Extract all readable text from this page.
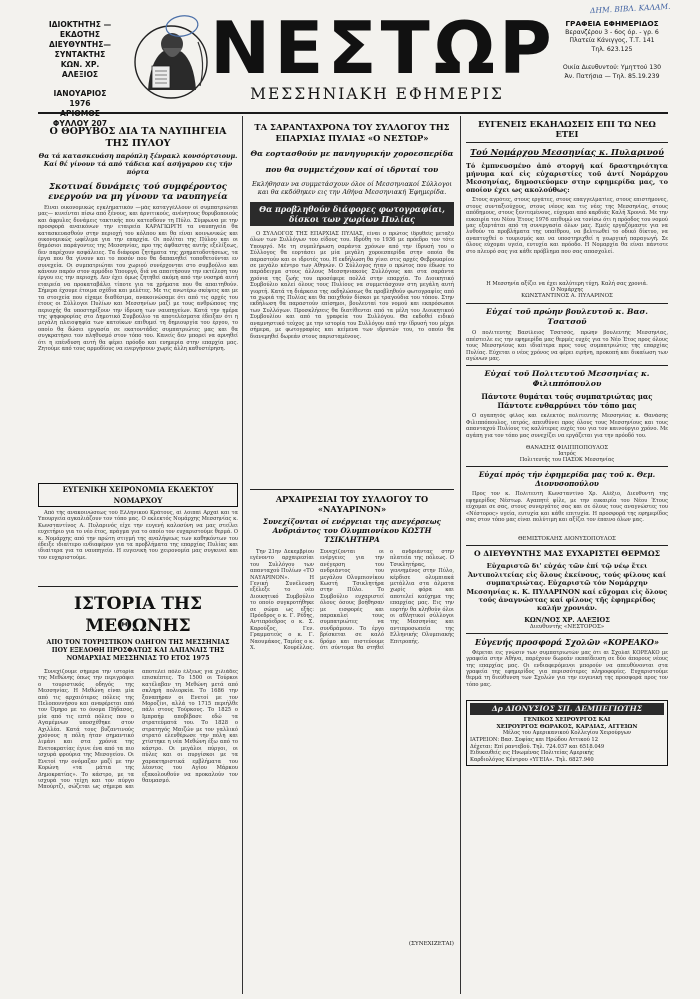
ΙΔΙΟΚΤΗΤΗΣ — ΕΚΔΟΤΗΣ
ΔΙΕΥΘΥΝΤΗΣ—ΣΥΝΤΑΚΤΗΣ
ΚΩΝ. ΧΡ. ΑΛΕΞΙΟΣ
ΙΑΝΟΥΑΡΙΟΣ 1976
ΦΥΛΛΟΥ 207
ΝΕΣΤΩΡ
ΜΕΣΣΗΝΙΑΚΗ ΕΦΗΜΕΡΙΣ
ΔΗΜ. ΒΙΒΛ. ΚΑΛΑΜ.
ΓΡΑΦΕΙΑ ΕΦΗΜΕΡΙΔΟΣ
Βερανζέρου 3 - 6ος όρ. - γρ. 6
Πλατεία Κάνιγγος, Τ.Τ. 141
Τηλ. 623.125
Οικία Διευθυντού: Υμηττού 130
Άν. Πατήσια — Τηλ. 85.19.239
Ο ΘΟΡΥΒΟΣ ΔΙΑ ΤΑ ΝΑΥΠΗΓΕΙΑ ΤΗΣ ΠΥΛΟΥ
Θα τά κατασκευάση παρόπλη ξένρακλ κονσόρτσιουμ.
Καί θέ γίνουν τά από τάδεια καί ασήγαρου εις τήν πόρτα
Σκοτιναί δυνάμεις τού συμφέροντος
ενεργούν να μη γίνουν τα ναυπηγεία

Είναι οικονομικώς εγκληματικόν —μάς καταγγέλλουν οί συμπατριώται μας— κινείνται πίσω από ξένους, και άρνιτικούς, ανένητους θορυβοποιούς και άφρυλες δυνάμεις τακτικής που κατεσδουν τη Πύλο. Σύμφωνα με την προσφορά αναικόνων την εταιρεία ΚΑΡΑΓΙΩΡΓΗ τα ναυπηγεία θα κατασκευασθούν στην περιοχή του κόλπου και θα είναι κοινωνικώς και οικονομικώς ωφέλιμα για την επαρχία. Οι πολίται της Πύλου και οι δημόσιοι παράγοντες της Μεσσηνίας, προ της άφθαστης αυτής εξελίξεως, δεν παρέχουν ασφάλειες. Τα διάφορα ζητήματα της χρηματοδοτήσεως, τα έργα που θα γίνουν και το ποσόν που θα δαπανηθεί τοποθετούνται εν συνεχεία. Οι συμπατριώται του χωριού συνέρχονται στο συμβούλιο και κάνουν παρόν στον αρμόδιο Υπουργό, διά να απαιτήσουν την εκτέλεση του έργου εις την περιοχή. Δεν έχει όμως ζητηθεί ακόμη από την νοσηρά αυτή εταιρεία να προκαταβάλει τίποτε για τα χρήματα που θα απαιτηθούν. Σήμερα έχουμε έτοιμα σχέδια και μελέτες. Με τις ανωτέρω σκέψεις και με τα στοιχεία που είχαμε διαθέσιμα, ανακοινώσαμε ότι από τις αρχές του έτους οι Σύλλογοι Πυλίων και Μεσσηνίων μαζί με τους ανθρώπους της περιοχής θα υποστηρίξουν την ίδρυση των ναυπηγείων. Κατά την ημέρα της ψηφοφορίας στο Δημοτικό Συμβούλιο τα αποτελέσματα έδειξαν ότι η μεγάλη πλειοψηφία των κατοίκων επιθυμεί τη δημιουργία του έργου, το οποίο θα δώσει εργασία σε εκατοντάδες συμπατριώτες μας και θα συγκρατήσει τον πληθυσμό στον τόπο του. Κανείς δεν μπορεί να αρνηθεί ότι η επένδυση αυτή θα φέρει πρόοδο και ευημερία στην επαρχία μας. Ζητούμε από τους αρμοδίους να ενεργήσουν χωρίς άλλη καθυστέρηση.

ΕΥΓΕΝΙΚΗ ΧΕΙΡΟΝΟΜΙΑ ΕΚΛΕΚΤΟΥ ΝΟΜΑΡΧΟΥ

Από τής ανακοινώσεως τού Ελληνικού Κράτους, αί λοιπαί Αρχαί και τα Υπουργεία αγκαλιάζουν τον τόπο μας. Ο εκλεκτός Νομάρχης Μεσσηνίας κ. Κωνσταντίνος Α. Πυλαρινός είχε την ευγενή καλοσύνη να μας στείλει ευχετήριο για το νέο έτος, πράγμα για το οποίο τον ευχαριστούμε θερμά. Ο κ. Νομάρχης από την πρώτη στιγμή της αναλήψεως των καθηκόντων του έδειξε ιδιαίτερο ενδιαφέρον για τα προβλήματα της επαρχίας Πυλίας και ιδιαίτερα για τα ναυπηγεία. Η ευγενική του χειρονομία μας συγκινεί και τον ευχαριστούμε.

ΙΣΤΟΡΙΑ ΤΗΣ ΜΕΘΩΝΗΣ
ΑΠΟ ΤΟΝ ΤΟΥΡΙΣΤΙΚΟΝ ΟΔΗΓΟΝ ΤΗΣ ΜΕΣΣΗΝΙΑΣ ΠΟΥ ΕΞΕΔΟΘΗ ΠΡΟΣΦΑΤΩΣ ΚΑΙ ΔΑΠΑΝΑΙΣ ΤΗΣ ΝΟΜΑΡΧΙΑΣ ΜΕΣΣΗΝΙΑΣ ΤΟ ΕΤΟΣ 1975

Συνεχίζουμε σήμερα την ιστορία της Μεθώνης όπως την περιγράφει ο τουριστικός οδηγός της Μεσσηνίας. Η Μεθώνη είναι μία από τις αρχαιότερες πόλεις της Πελοποννήσου και αναφέρεται από τον Όμηρο με το όνομα Πήδασος, μία από τις επτά πόλεις που ο Αγαμέμνων υποσχέθηκε στον Αχιλλέα. Κατά τους βυζαντινούς χρόνους η πόλη ήταν σημαντικό λιμάνι και στα χρόνια της Ενετοκρατίας έγινε ένα από τα πιο ισχυρά φρούρια της Μεσογείου. Οι Ενετοί την ονόμαζαν μαζί με την Κορώνη «τα μάτια της Δημοκρατίας». Το κάστρο, με τα ισχυρά του τείχη και τον πύργο Μπούρτζι, σώζεται ως σήμερα και αποτελεί πόλο έλξεως για χιλιάδες επισκέπτες. Το 1500 οι Τούρκοι κατέλαβαν τη Μεθώνη μετά από σκληρή πολιορκία. Το 1686 την ξαναπήραν οι Ενετοί με τον Μοροζίνι, αλλά το 1715 περιήλθε πάλι στους Τούρκους. Το 1825 ο Ιμπραήμ αποβίβασε εδώ τα στρατεύματά του. Το 1828 ο στρατηγός Μαιζών με τον γαλλικό στρατό ελευθέρωσε την πόλη και χτίστηκε η νέα Μεθώνη έξω από το κάστρο. Οι μεγάλοι πύργοι, οι πύλες και οι πυργίσκοι με τα χαρακτηριστικά εμβλήματα του λέοντος του Αγίου Μάρκου εξακολουθούν να προκαλούν τον θαυμασμό.

ΤΑ ΣΑΡΑΝΤΑΧΡΟΝΑ ΤΟΥ ΣΥΛΛΟΓΟΥ ΤΗΣ ΕΠΑΡΧΙΑΣ ΠΥΛΙΑΣ «Ο ΝΕΣΤΩΡ»
Θα εορτασθούν με πανηγυρικήν χοροεσπερίδα
που θα συμμετέχουν καί οί ιδρυταί του
Εκλήθησαν να συμμετάσχουν όλοι οί Μεσσηνιακοί Σύλλογοι και θα εκδόθηκεν εις την Αθήνα Μεσσηνιακή Έφημερίδα.
Θα προβληθούν διάφορες φωτογραφίαι, δίσκοι των χωρίων Πυλίας

Ο ΣΥΛΛΟΓΟΣ ΤΗΣ ΕΠΑΡΧΙΑΣ ΠΥΛΙΑΣ, είναι ο πρώτος ίδρυθείς μεταξύ όλων των Συλλόγων του είδους του. Ιδρύθη το 1936 με πρόεδρο τον τότε Υπουργό. Με τη συμπλήρωση σαράντα χρόνων από την ίδρυσή του ο Σύλλογος θα εορτάσει με μία μεγάλη χοροεσπερίδα στην οποία θα παραστούν και οι ιδρυτές του. Η εκδήλωση θα γίνει στις αρχές Φεβρουαρίου σε μεγάλο κέντρο των Αθηνών. Ο Σύλλογος ήταν ο πρώτος που έδωσε το παράδειγμα στους άλλους Μεσσηνιακούς Συλλόγους και στα σαράντα χρόνια της ζωής του προσέφερε πολλά στην επαρχία. Το Διοικητικό Συμβούλιο καλεί όλους τους Πυλίους να συμμετάσχουν στη μεγάλη αυτή γιορτή. Κατά τη διάρκεια της εκδηλώσεως θα προβληθούν φωτογραφίες από τα χωριά της Πυλίας και θα παιχθούν δίσκοι με τραγούδια του τόπου. Στην εκδήλωση θα παραστούν επίσημοι, βουλευταί του νομού και εκπρόσωποι των Συλλόγων. Προσκλήσεις θα διατίθενται από τα μέλη του Διοικητικού Συμβουλίου και από τα γραφεία του Συλλόγου. Θα εκδοθεί ειδικό αναμνηστικό τεύχος με την ιστορία του Συλλόγου από την ίδρυσή του μέχρι σήμερα, με φωτογραφίες και κείμενα των ιδρυτών του, το οποίο θα διανεμηθεί δωρεάν στους παρισταμένους.

ΑΡΧΑΙΡΕΣΙΑΙ ΤΟΥ ΣΥΛΛΟΓΟΥ ΤΟ «ΝΑΥΑΡΙΝΟΝ»
Συνεχίζονται οί ενέργειαι της ανεγέρσεως
Ανδριάντος του Ολυμπιονίκου ΚΩΣΤΗ ΤΣΙΚΛΗΤΗΡΑ

Την 21ην Δεκεμβρίου εγένοντο αρχαιρεσίαι του Συλλόγου των απανταχού Πυλίων «ΤΟ ΝΑΥΑΡΙΝΟΝ». Η Γενική Συνέλευση εξέλεξε το νέο Διοικητικό Συμβούλιο το οποίο συγκροτήθηκε σε σώμα ως εξής: Πρόεδρος ο κ. Γ. Ρέδης, Αντιπρόεδρος ο κ. Σ. Καρούζος, Γεν. Γραμματεύς ο κ. Γ. Ναουμάκος, Ταμίας ο κ. Χ. Κουρέλλας. Συνεχίζονται οι ενέργειες για την ανέγερση του ανδριάντος του μεγάλου Ολυμπιονίκου Κωστή Τσικλητήρα στην Πύλο. Το Συμβούλιο ευχαριστεί όλους όσους βοήθησαν με εισφορές και παρακαλεί τους συμπατριώτες να συνδράμουν. Το έργο βρίσκεται σε καλό δρόμο και πιστεύουμε ότι σύντομα θα στηθεί ο ανδριάντας στην πλατεία της πόλεως. Ο Τσικλητήρας, γεννημένος στην Πύλο, κέρδισε ολυμπιακά μετάλλια στα άλματα χωρίς φόρα και αποτελεί καύχημα της επαρχίας μας. Εις την εορτήν θα κληθούν όλοι οι αθλητικοί σύλλογοι της Μεσσηνίας και αντιπροσωπεία της Ελληνικής Ολυμπιακής Επιτροπής.

(ΣΥΝΕΧΙΖΕΤΑΙ)
ΕΥΓΕΝΕΙΣ ΕΚΔΗΛΩΣΕΙΣ ΕΠΙ ΤΩ ΝΕΩ ΕΤΕΙ
Τού Νομάρχου Μεσσηνίας κ. Πυλαρινού
Τό ἐμπνευσμένο ἀπό στοργή καί δραστηριότητα μήνυμα καί εἰς εὐχαριστίες τοῦ ἀντί Νομάρχου Μεσσηνίας, δημοσιεύομεν στην εφημερίδα μας, το οποίον έχει ως ακολούθως:

Στους αγρότες, στους εργάτες, στους επαγγελματίες, στους επιστήμονες, στους συνταξιούχους, στους νέους και τις νέες της Μεσσηνίας, στους απόδημους, στους ξενιτεμένους, εύχομαι από καρδιάς Καλή Χρονιά. Με την ευκαιρία του Νέου Έτους 1976 επιθυμώ να τονίσω ότι η πρόοδος του νομού μας εξαρτάται από τη συνεργασία όλων μας. Εμείς εργαζόμαστε για να λυθούν τα προβλήματα της υπαίθρου, να βελτιωθεί το οδικό δίκτυο, να αναπτυχθεί ο τουρισμός και να υποστηριχθεί η γεωργική παραγωγή. Σε όλους εύχομαι υγεία, ευτυχία και πρόοδο. Η Νομαρχία θα είναι πάντοτε στο πλευρό σας για κάθε πρόβλημα που σας απασχολεί.

Η Μεσσηνία αξίζει να έχει καλύτερη τύχη. Καλή σας χρονιά.
Ο Νομάρχης
ΚΩΝΣΤΑΝΤΙΝΟΣ Α. ΠΥΛΑΡΙΝΟΣ
Εὐχαί τοῦ πρώην βουλευτοῦ κ. Βασ. Τσατσοῦ

Ο πολιτευτής Βασίλειος Τσατσός, πρώην βουλευτής Μεσσηνίας, απέστειλε εις την εφημερίδα μας θερμές ευχές για το Νέο Έτος προς όλους τους Μεσσηνίους και ιδιαίτερα προς τους συμπατριώτες της επαρχίας Πυλίας. Εύχεται ο νέος χρόνος να φέρει ειρήνη, προκοπή και δικαίωση των αγώνων μας.

Εὐχαί τοῦ Πολιτευτοῦ Μεσσηνίας κ. Φιλιππόπουλου
Πάντοτε θυμάται τούς συμπατριώτας μας Πάντοτε ενθαρρύνει τόν τόπο μας

Ο αγαπητός φίλος και εκλεκτός πολιτευτής Μεσσηνίας κ. Θανάσης Φιλιππόπουλος, ιατρός, απευθύνει προς όλους τους Μεσσηνίους και τους απανταχού Πυλίους τις καλύτερες ευχές του για τον καινούργιο χρόνο. Με αγάπη για τον τόπο μας συνεχίζει να εργάζεται για την πρόοδό του.

ΘΑΝΑΣΗΣ ΦΙΛΙΠΠΟΠΟΥΛΟΣ
Ιατρός
Πολιτευτής του ΠΑΣΟΚ Μεσσηνίας
Εὐχαί πρός τήν ἐφημερίδα μας τοῦ κ. Θεμ. Διονυσοπούλου

Προς τον κ. Πολιτευτή Κωνσταντίνο Χρ. Αλέξιο, Διευθυντή της εφημερίδος Νέστωρ. Αγαπητέ φίλε, με την ευκαιρία του Νέου Έτους εύχομαι σε σας, στους συνεργάτες σας και σε όλους τους αναγνώστες του «Νέστορος» υγεία, ευτυχία και κάθε επιτυχία. Η προσφορά της εφημερίδος σας στον τόπο μας είναι πολύτιμη και αξίζει τον έπαινο όλων μας.

ΘΕΜΙΣΤΟΚΛΗΣ ΔΙΟΝΥΣΟΠΟΥΛΟΣ
Ο ΔΙΕΥΘΥΝΤΗΣ ΜΑΣ ΕΥΧΑΡΙΣΤΕΙ ΘΕΡΜΩΣ
Εὐχαριστῶ δι' εὐχάς τῶν ἐπί τῷ νέῳ ἔτει Ἀντιπολιτείας εἰς ὅλους ἐκείνους, τούς φίλους καί συμπατριώτας. Εὐχαριστῶ τόν Νομάρχην Μεσσηνίας κ. Κ. ΠΥΛΑΡΙΝΟΝ καί εὔχομαι εἰς ὅλους τούς ἀναγνώστας καί φίλους τῆς ἐφημερίδος καλήν χρονιάν.
ΚΩΝ/ΝΟΣ ΧΡ. ΑΛΕΞΙΟΣ
Διευθυντής «ΝΕΣΤΟΡΟΣ»
Εὐγενής προσφορά Σχολῶν «ΚΟΡΕΑΚΟ»

Φέρεται εις γνώσιν των συμπατριωτών μας ότι αι Σχολαί ΚΟΡΕΑΚΟ με γραφεία στην Αθήνα, παρέχουν δωρεάν εκπαίδευση σε δύο άπορους νέους της επαρχίας μας. Οι ενδιαφερόμενοι μπορούν να απευθύνονται στα γραφεία της εφημερίδος για περισσότερες πληροφορίες. Ευχαριστούμε θερμά τη διεύθυνση των Σχολών για την ευγενική της προσφορά προς τον τόπο μας.

Δρ ΔΙΟΝΥΣΙΟΣ ΣΠ. ΔΕΜΠΕΓΙΩΤΗΣ
ΓΕΝΙΚΟΣ ΧΕΙΡΟΥΡΓΟΣ ΚΑΙ
ΧΕΙΡΟΥΡΓΟΣ ΘΩΡΑΚΟΣ, ΚΑΡΔΙΑΣ, ΑΓΓΕΙΩΝ
Μέλος του Αμερικανικού Κολλεγίου Χειρούργων
ΙΑΤΡΕΙΟΝ: Βασ. Σοφίας και Ηρώδου Αττικού 12
Δέχεται: Επί ραντεβού. Τηλ. 724.037 και 6518.049
Ειδικευθείς εις Ηνωμένας Πολιτείας Αμερικής
Καρδιολόγος Κέντρου «ΥΓΕΙΑ». Τηλ. 6827.940
